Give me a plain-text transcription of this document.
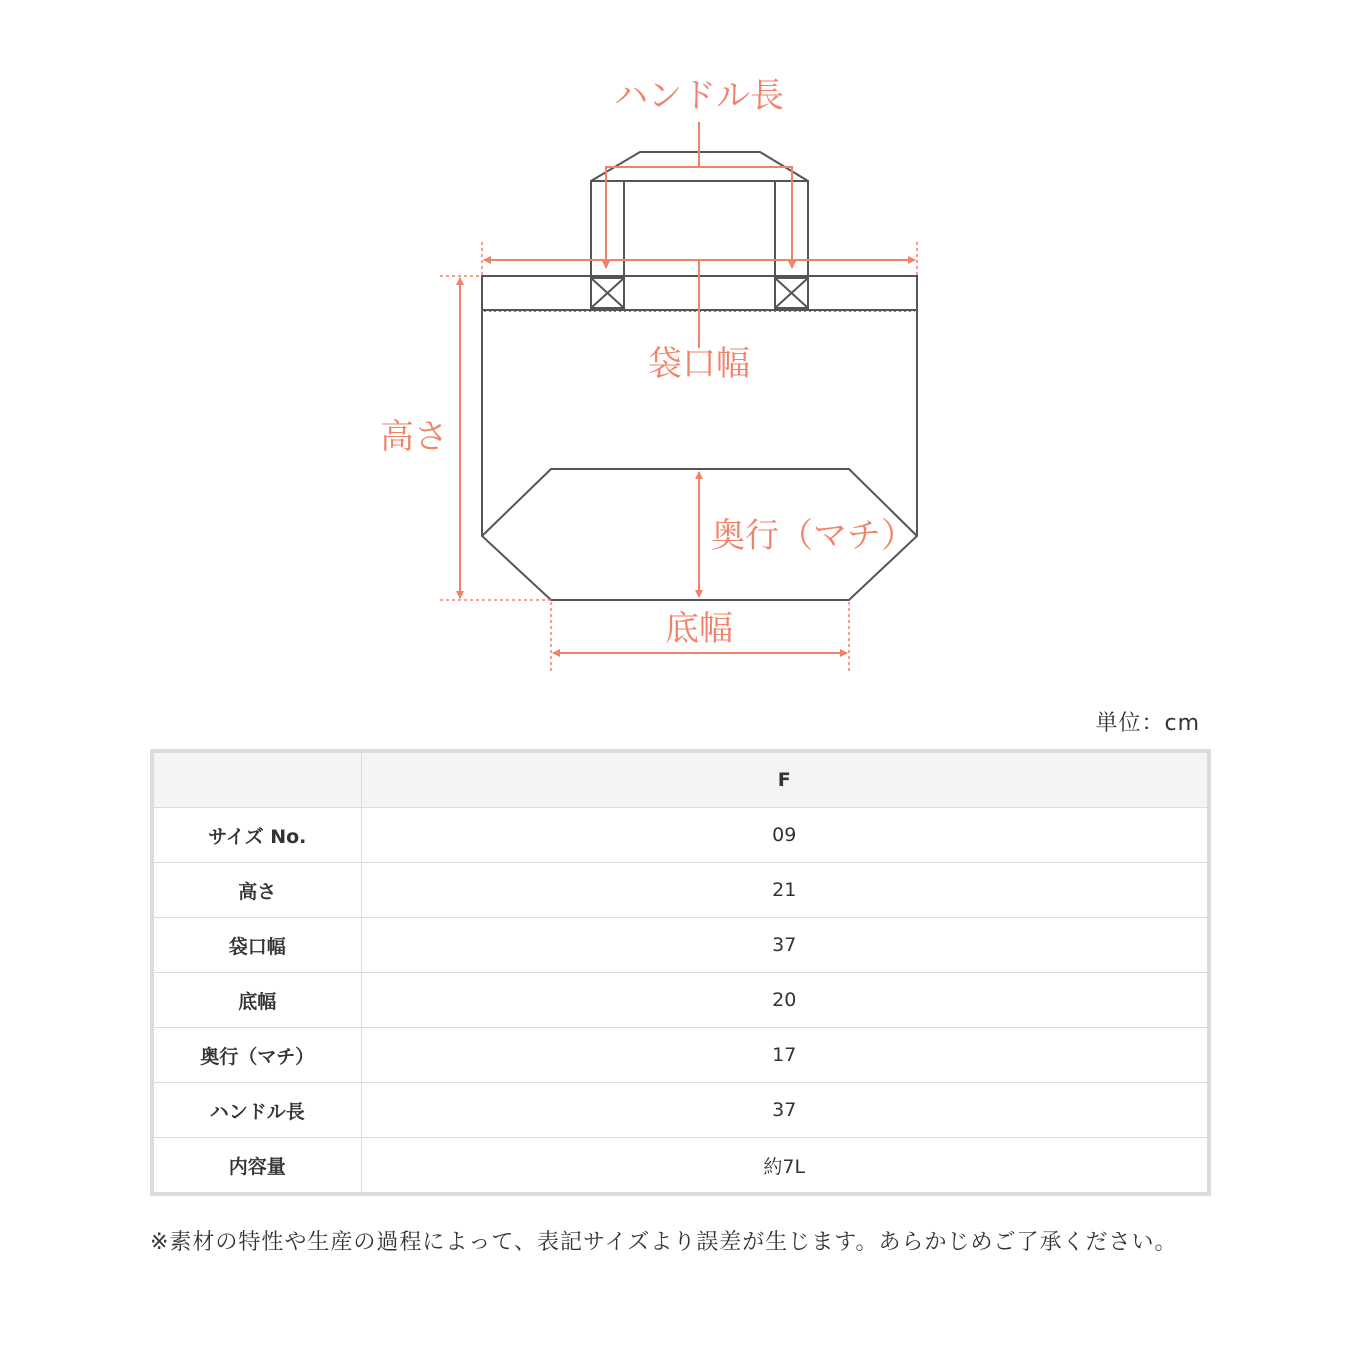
ハンドル長
袋口幅
高さ
奥行（マチ）
底幅
単位：cm
	F
サイズ No.	09
高さ	21
袋口幅	37
底幅	20
奥行（マチ）	17
ハンドル長	37
内容量	約7L
※素材の特性や生産の過程によって、表記サイズより誤差が生じます。あらかじめご了承ください。
